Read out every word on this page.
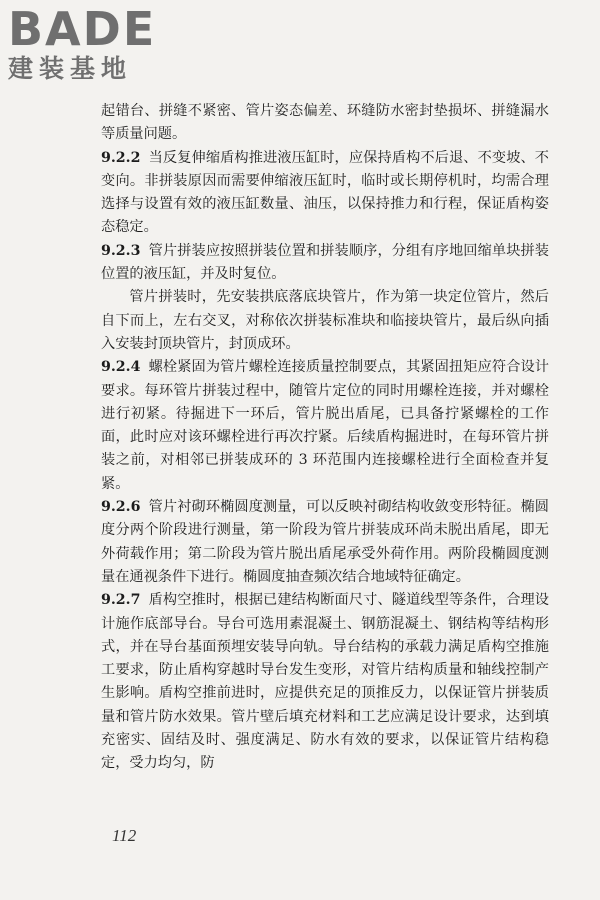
BADE
建装基地

起错台、拼缝不紧密、管片姿态偏差、环缝防水密封垫损坏、拼缝漏水等质量问题。

9.2.2 当反复伸缩盾构推进液压缸时，应保持盾构不后退、不变坡、不变向。非拼装原因而需要伸缩液压缸时，临时或长期停机时，均需合理选择与设置有效的液压缸数量、油压，以保持推力和行程，保证盾构姿态稳定。

9.2.3 管片拼装应按照拼装位置和拼装顺序，分组有序地回缩单块拼装位置的液压缸，并及时复位。

管片拼装时，先安装拱底落底块管片，作为第一块定位管片，然后自下而上，左右交叉，对称依次拼装标准块和临接块管片，最后纵向插入安装封顶块管片，封顶成环。

9.2.4 螺栓紧固为管片螺栓连接质量控制要点，其紧固扭矩应符合设计要求。每环管片拼装过程中，随管片定位的同时用螺栓连接，并对螺栓进行初紧。待掘进下一环后，管片脱出盾尾，已具备拧紧螺栓的工作面，此时应对该环螺栓进行再次拧紧。后续盾构掘进时，在每环管片拼装之前，对相邻已拼装成环的 3 环范围内连接螺栓进行全面检查并复紧。

9.2.6 管片衬砌环椭圆度测量，可以反映衬砌结构收敛变形特征。椭圆度分两个阶段进行测量，第一阶段为管片拼装成环尚未脱出盾尾，即无外荷载作用；第二阶段为管片脱出盾尾承受外荷作用。两阶段椭圆度测量在通视条件下进行。椭圆度抽查频次结合地域特征确定。

9.2.7 盾构空推时，根据已建结构断面尺寸、隧道线型等条件，合理设计施作底部导台。导台可选用素混凝土、钢筋混凝土、钢结构等结构形式，并在导台基面预埋安装导向轨。导台结构的承载力满足盾构空推施工要求，防止盾构穿越时导台发生变形，对管片结构质量和轴线控制产生影响。盾构空推前进时，应提供充足的顶推反力，以保证管片拼装质量和管片防水效果。管片壁后填充材料和工艺应满足设计要求，达到填充密实、固结及时、强度满足、防水有效的要求，以保证管片结构稳定，受力均匀，防

112
